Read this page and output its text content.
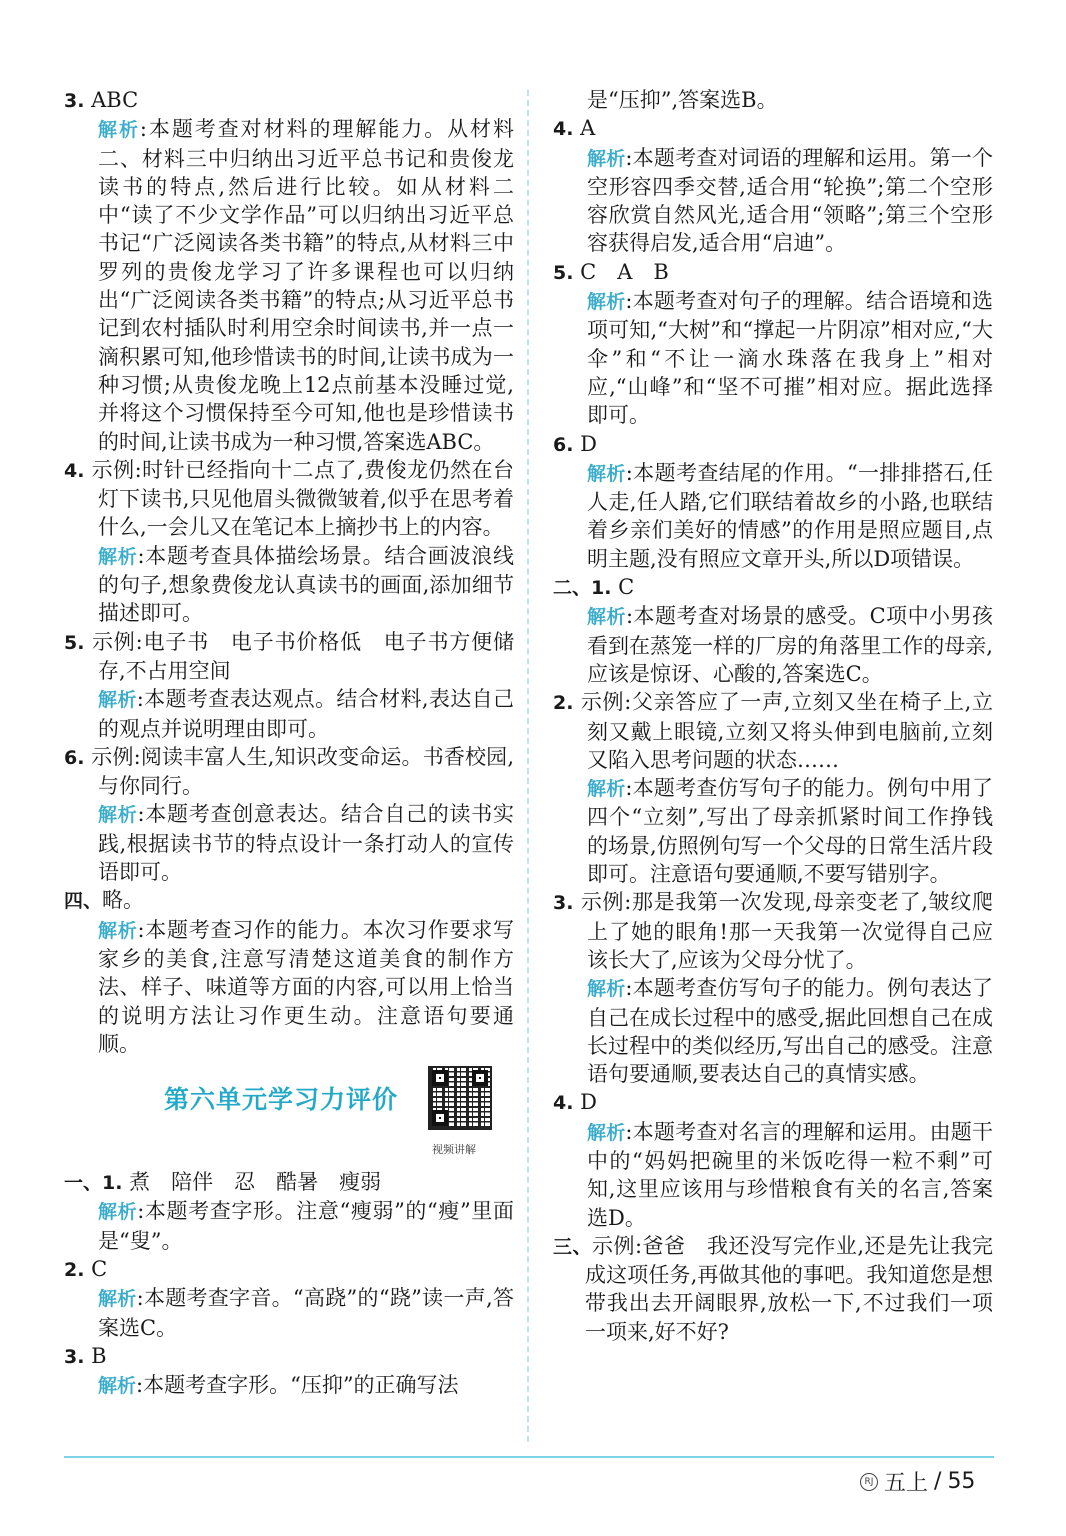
3. ABC
解析:本题考查对材料的理解能力。从材料二、材料三中归纳出习近平总书记和贵俊龙读书的特点,然后进行比较。如从材料二中“读了不少文学作品”可以归纳出习近平总书记“广泛阅读各类书籍”的特点,从材料三中罗列的贵俊龙学习了许多课程也可以归纳出“广泛阅读各类书籍”的特点;从习近平总书记到农村插队时利用空余时间读书,并一点一滴积累可知,他珍惜读书的时间,让读书成为一种习惯;从贵俊龙晚上12点前基本没睡过觉,并将这个习惯保持至今可知,他也是珍惜读书的时间,让读书成为一种习惯,答案选ABC。
4. 示例:时针已经指向十二点了,费俊龙仍然在台灯下读书,只见他眉头微微皱着,似乎在思考着什么,一会儿又在笔记本上摘抄书上的内容。
解析:本题考查具体描绘场景。结合画波浪线的句子,想象费俊龙认真读书的画面,添加细节描述即可。
5. 示例:电子书　电子书价格低　电子书方便储存,不占用空间
解析:本题考查表达观点。结合材料,表达自己的观点并说明理由即可。
6. 示例:阅读丰富人生,知识改变命运。书香校园,与你同行。
解析:本题考查创意表达。结合自己的读书实践,根据读书节的特点设计一条打动人的宣传语即可。
四、略。
解析:本题考查习作的能力。本次习作要求写家乡的美食,注意写清楚这道美食的制作方法、样子、味道等方面的内容,可以用上恰当的说明方法让习作更生动。注意语句要通顺。
第六单元学习力评价
视频讲解
一、1. 煮　陪伴　忍　酷暑　瘦弱
解析:本题考查字形。注意“瘦弱”的“瘦”里面是“叟”。
2. C
解析:本题考查字音。“高跷”的“跷”读一声,答案选C。
3. B
解析:本题考查字形。“压抑”的正确写法
是“压抑”,答案选B。
4. A
解析:本题考查对词语的理解和运用。第一个空形容四季交替,适合用“轮换”;第二个空形容欣赏自然风光,适合用“领略”;第三个空形容获得启发,适合用“启迪”。
5. C　A　B
解析:本题考查对句子的理解。结合语境和选项可知,“大树”和“撑起一片阴凉”相对应,“大伞”和“不让一滴水珠落在我身上”相对应,“山峰”和“坚不可摧”相对应。据此选择即可。
6. D
解析:本题考查结尾的作用。“一排排搭石,任人走,任人踏,它们联结着故乡的小路,也联结着乡亲们美好的情感”的作用是照应题目,点明主题,没有照应文章开头,所以D项错误。
二、1. C
解析:本题考查对场景的感受。C项中小男孩看到在蒸笼一样的厂房的角落里工作的母亲,应该是惊讶、心酸的,答案选C。
2. 示例:父亲答应了一声,立刻又坐在椅子上,立刻又戴上眼镜,立刻又将头伸到电脑前,立刻又陷入思考问题的状态……
解析:本题考查仿写句子的能力。例句中用了四个“立刻”,写出了母亲抓紧时间工作挣钱的场景,仿照例句写一个父母的日常生活片段即可。注意语句要通顺,不要写错别字。
3. 示例:那是我第一次发现,母亲变老了,皱纹爬上了她的眼角!那一天我第一次觉得自己应该长大了,应该为父母分忧了。
解析:本题考查仿写句子的能力。例句表达了自己在成长过程中的感受,据此回想自己在成长过程中的类似经历,写出自己的感受。注意语句要通顺,要表达自己的真情实感。
4. D
解析:本题考查对名言的理解和运用。由题干中的“妈妈把碗里的米饭吃得一粒不剩”可知,这里应该用与珍惜粮食有关的名言,答案选D。
三、示例:爸爸　我还没写完作业,还是先让我完成这项任务,再做其他的事吧。我知道您是想带我出去开阔眼界,放松一下,不过我们一项一项来,好不好?
RJ 五上 / 55
